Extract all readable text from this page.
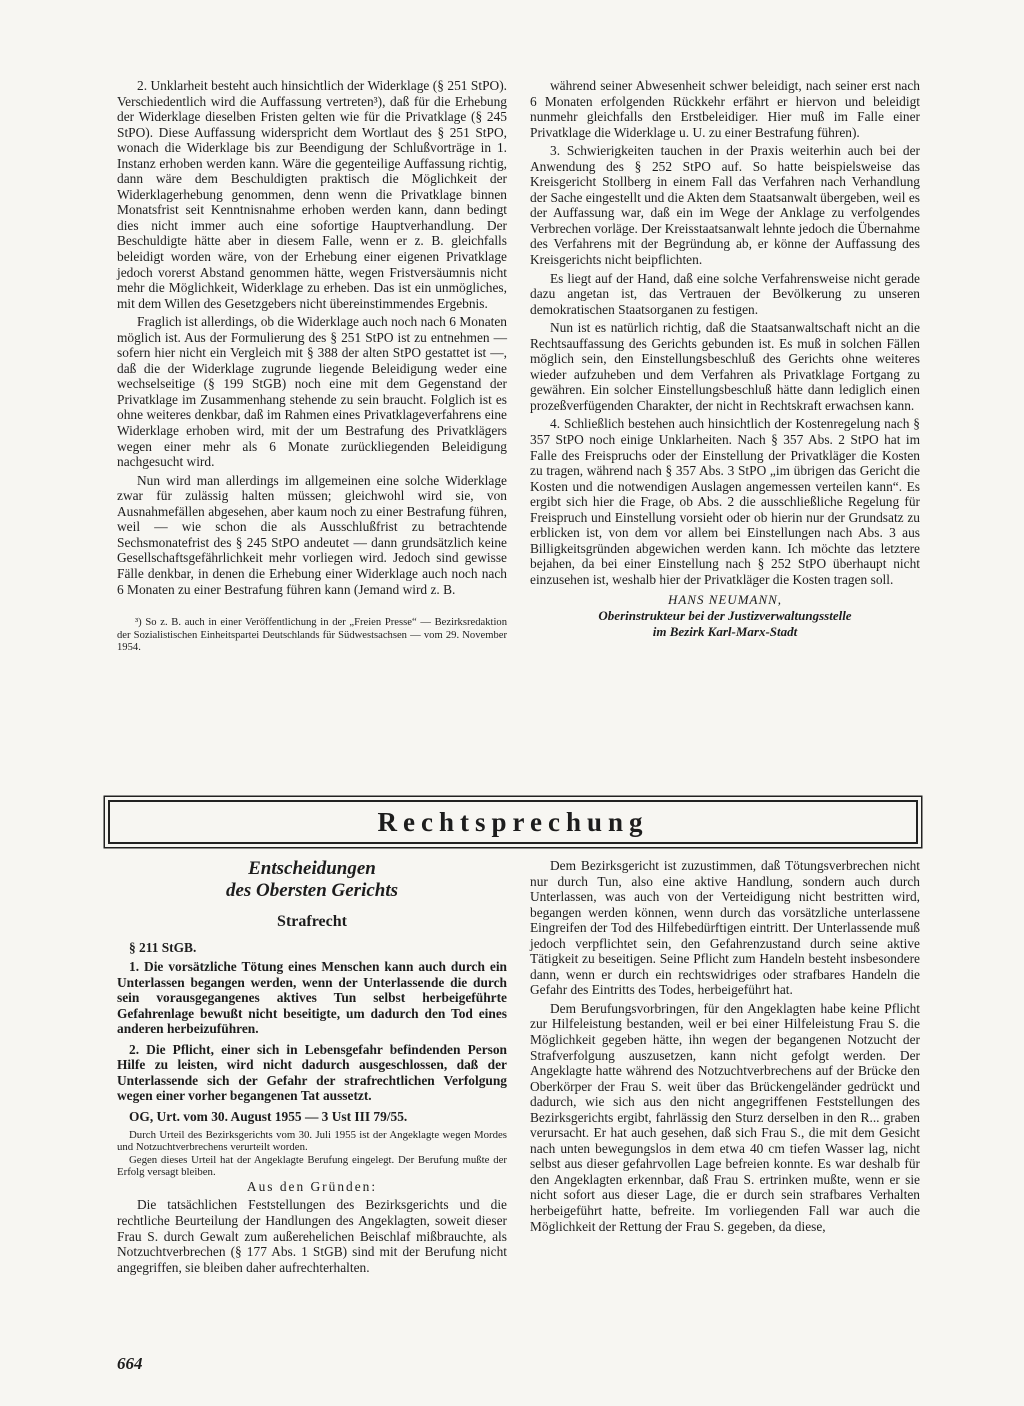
2. Unklarheit besteht auch hinsichtlich der Widerklage (§ 251 StPO). Verschiedentlich wird die Auffassung vertreten³), daß für die Erhebung der Widerklage dieselben Fristen gelten wie für die Privatklage (§ 245 StPO). Diese Auffassung widerspricht dem Wortlaut des § 251 StPO, wonach die Widerklage bis zur Beendigung der Schlußvorträge in 1. Instanz erhoben werden kann. Wäre die gegenteilige Auffassung richtig, dann wäre dem Beschuldigten praktisch die Möglichkeit der Widerklagerhebung genommen, denn wenn die Privatklage binnen Monatsfrist seit Kenntnisnahme erhoben werden kann, dann bedingt dies nicht immer auch eine sofortige Hauptverhandlung. Der Beschuldigte hätte aber in diesem Falle, wenn er z. B. gleichfalls beleidigt worden wäre, von der Erhebung einer eigenen Privatklage jedoch vorerst Abstand genommen hätte, wegen Fristversäumnis nicht mehr die Möglichkeit, Widerklage zu erheben. Das ist ein unmögliches, mit dem Willen des Gesetzgebers nicht übereinstimmendes Ergebnis.

Fraglich ist allerdings, ob die Widerklage auch noch nach 6 Monaten möglich ist. Aus der Formulierung des § 251 StPO ist zu entnehmen — sofern hier nicht ein Vergleich mit § 388 der alten StPO gestattet ist —, daß die der Widerklage zugrunde liegende Beleidigung weder eine wechselseitige (§ 199 StGB) noch eine mit dem Gegenstand der Privatklage im Zusammenhang stehende zu sein braucht. Folglich ist es ohne weiteres denkbar, daß im Rahmen eines Privatklageverfahrens eine Widerklage erhoben wird, mit der um Bestrafung des Privatklägers wegen einer mehr als 6 Monate zurückliegenden Beleidigung nachgesucht wird.

Nun wird man allerdings im allgemeinen eine solche Widerklage zwar für zulässig halten müssen; gleichwohl wird sie, von Ausnahmefällen abgesehen, aber kaum noch zu einer Bestrafung führen, weil — wie schon die als Ausschlußfrist zu betrachtende Sechsmonatefrist des § 245 StPO andeutet — dann grundsätzlich keine Gesellschaftsgefährlichkeit mehr vorliegen wird. Jedoch sind gewisse Fälle denkbar, in denen die Erhebung einer Widerklage auch noch nach 6 Monaten zu einer Bestrafung führen kann (Jemand wird z. B.

³) So z. B. auch in einer Veröffentlichung in der „Freien Presse“ — Bezirksredaktion der Sozialistischen Einheitspartei Deutschlands für Südwestsachsen — vom 29. November 1954.

während seiner Abwesenheit schwer beleidigt, nach seiner erst nach 6 Monaten erfolgenden Rückkehr erfährt er hiervon und beleidigt nunmehr gleichfalls den Erstbeleidiger. Hier muß im Falle einer Privatklage die Widerklage u. U. zu einer Bestrafung führen).

3. Schwierigkeiten tauchen in der Praxis weiterhin auch bei der Anwendung des § 252 StPO auf. So hatte beispielsweise das Kreisgericht Stollberg in einem Fall das Verfahren nach Verhandlung der Sache eingestellt und die Akten dem Staatsanwalt übergeben, weil es der Auffassung war, daß ein im Wege der Anklage zu verfolgendes Verbrechen vorläge. Der Kreisstaatsanwalt lehnte jedoch die Übernahme des Verfahrens mit der Begründung ab, er könne der Auffassung des Kreisgerichts nicht beipflichten.

Es liegt auf der Hand, daß eine solche Verfahrensweise nicht gerade dazu angetan ist, das Vertrauen der Bevölkerung zu unseren demokratischen Staatsorganen zu festigen.

Nun ist es natürlich richtig, daß die Staatsanwaltschaft nicht an die Rechtsauffassung des Gerichts gebunden ist. Es muß in solchen Fällen möglich sein, den Einstellungsbeschluß des Gerichts ohne weiteres wieder aufzuheben und dem Verfahren als Privatklage Fortgang zu gewähren. Ein solcher Einstellungsbeschluß hätte dann lediglich einen prozeßverfügenden Charakter, der nicht in Rechtskraft erwachsen kann.

4. Schließlich bestehen auch hinsichtlich der Kostenregelung nach § 357 StPO noch einige Unklarheiten. Nach § 357 Abs. 2 StPO hat im Falle des Freispruchs oder der Einstellung der Privatkläger die Kosten zu tragen, während nach § 357 Abs. 3 StPO „im übrigen das Gericht die Kosten und die notwendigen Auslagen angemessen verteilen kann“. Es ergibt sich hier die Frage, ob Abs. 2 die ausschließliche Regelung für Freispruch und Einstellung vorsieht oder ob hierin nur der Grundsatz zu erblicken ist, von dem vor allem bei Einstellungen nach Abs. 3 aus Billigkeitsgründen abgewichen werden kann. Ich möchte das letztere bejahen, da bei einer Einstellung nach § 252 StPO überhaupt nicht einzusehen ist, weshalb hier der Privatkläger die Kosten tragen soll.

HANS NEUMANN,
Oberinstrukteur bei der Justizverwaltungsstelle
im Bezirk Karl-Marx-Stadt
Rechtsprechung
Entscheidungen
des Obersten Gerichts
Strafrecht
§ 211 StGB.
1. Die vorsätzliche Tötung eines Menschen kann auch durch ein Unterlassen begangen werden, wenn der Unterlassende die durch sein vorausgegangenes aktives Tun selbst herbeigeführte Gefahrenlage bewußt nicht beseitigte, um dadurch den Tod eines anderen herbeizuführen.
2. Die Pflicht, einer sich in Lebensgefahr befindenden Person Hilfe zu leisten, wird nicht dadurch ausgeschlossen, daß der Unterlassende sich der Gefahr der strafrechtlichen Verfolgung wegen einer vorher begangenen Tat aussetzt.
OG, Urt. vom 30. August 1955 — 3 Ust III 79/55.

Durch Urteil des Bezirksgerichts vom 30. Juli 1955 ist der Angeklagte wegen Mordes und Notzuchtverbrechens verurteilt worden.

Gegen dieses Urteil hat der Angeklagte Berufung eingelegt. Der Berufung mußte der Erfolg versagt bleiben.

Aus den Gründen:

Die tatsächlichen Feststellungen des Bezirksgerichts und die rechtliche Beurteilung der Handlungen des Angeklagten, soweit dieser Frau S. durch Gewalt zum außerehelichen Beischlaf mißbrauchte, als Notzuchtverbrechen (§ 177 Abs. 1 StGB) sind mit der Berufung nicht angegriffen, sie bleiben daher aufrechterhalten.

Dem Bezirksgericht ist zuzustimmen, daß Tötungsverbrechen nicht nur durch Tun, also eine aktive Handlung, sondern auch durch Unterlassen, was auch von der Verteidigung nicht bestritten wird, begangen werden können, wenn durch das vorsätzliche unterlassene Eingreifen der Tod des Hilfebedürftigen eintritt. Der Unterlassende muß jedoch verpflichtet sein, den Gefahrenzustand durch seine aktive Tätigkeit zu beseitigen. Seine Pflicht zum Handeln besteht insbesondere dann, wenn er durch ein rechtswidriges oder strafbares Handeln die Gefahr des Eintritts des Todes, herbeigeführt hat.

Dem Berufungsvorbringen, für den Angeklagten habe keine Pflicht zur Hilfeleistung bestanden, weil er bei einer Hilfeleistung Frau S. die Möglichkeit gegeben hätte, ihn wegen der begangenen Notzucht der Strafverfolgung auszusetzen, kann nicht gefolgt werden. Der Angeklagte hatte während des Notzuchtverbrechens auf der Brücke den Oberkörper der Frau S. weit über das Brückengeländer gedrückt und dadurch, wie sich aus den nicht angegriffenen Feststellungen des Bezirksgerichts ergibt, fahrlässig den Sturz derselben in den R... graben verursacht. Er hat auch gesehen, daß sich Frau S., die mit dem Gesicht nach unten bewegungslos in dem etwa 40 cm tiefen Wasser lag, nicht selbst aus dieser gefahrvollen Lage befreien konnte. Es war deshalb für den Angeklagten erkennbar, daß Frau S. ertrinken mußte, wenn er sie nicht sofort aus dieser Lage, die er durch sein strafbares Verhalten herbeigeführt hatte, befreite. Im vorliegenden Fall war auch die Möglichkeit der Rettung der Frau S. gegeben, da diese,

664
